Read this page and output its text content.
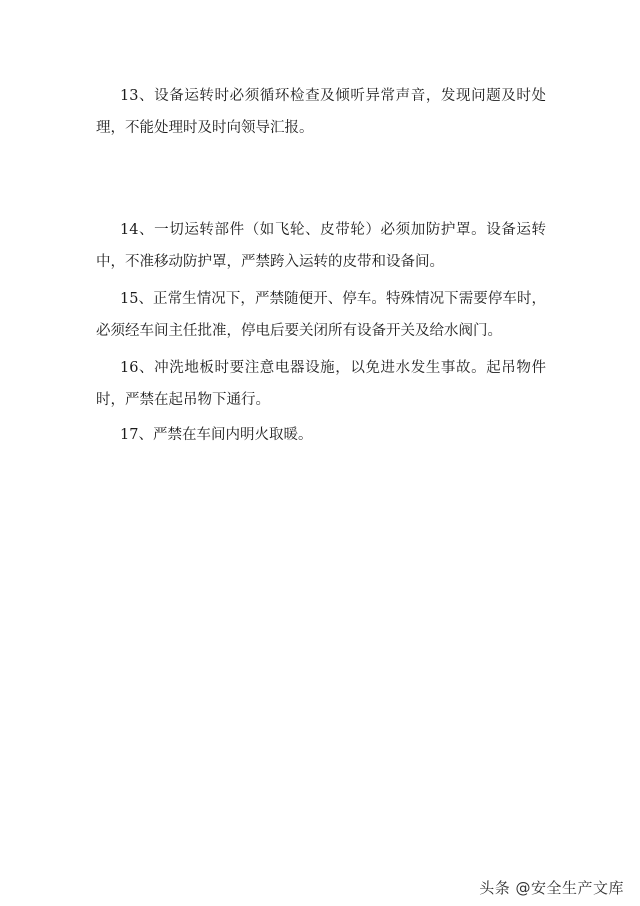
13、设备运转时必须循环检查及倾听异常声音，发现问题及时处理，不能处理时及时向领导汇报。

14、一切运转部件（如飞轮、皮带轮）必须加防护罩。设备运转中，不准移动防护罩，严禁跨入运转的皮带和设备间。

15、正常生情况下，严禁随便开、停车。特殊情况下需要停车时，必须经车间主任批准，停电后要关闭所有设备开关及给水阀门。

16、冲洗地板时要注意电器设施，以免进水发生事故。起吊物件时，严禁在起吊物下通行。

17、严禁在车间内明火取暖。

头条 @安全生产文库
